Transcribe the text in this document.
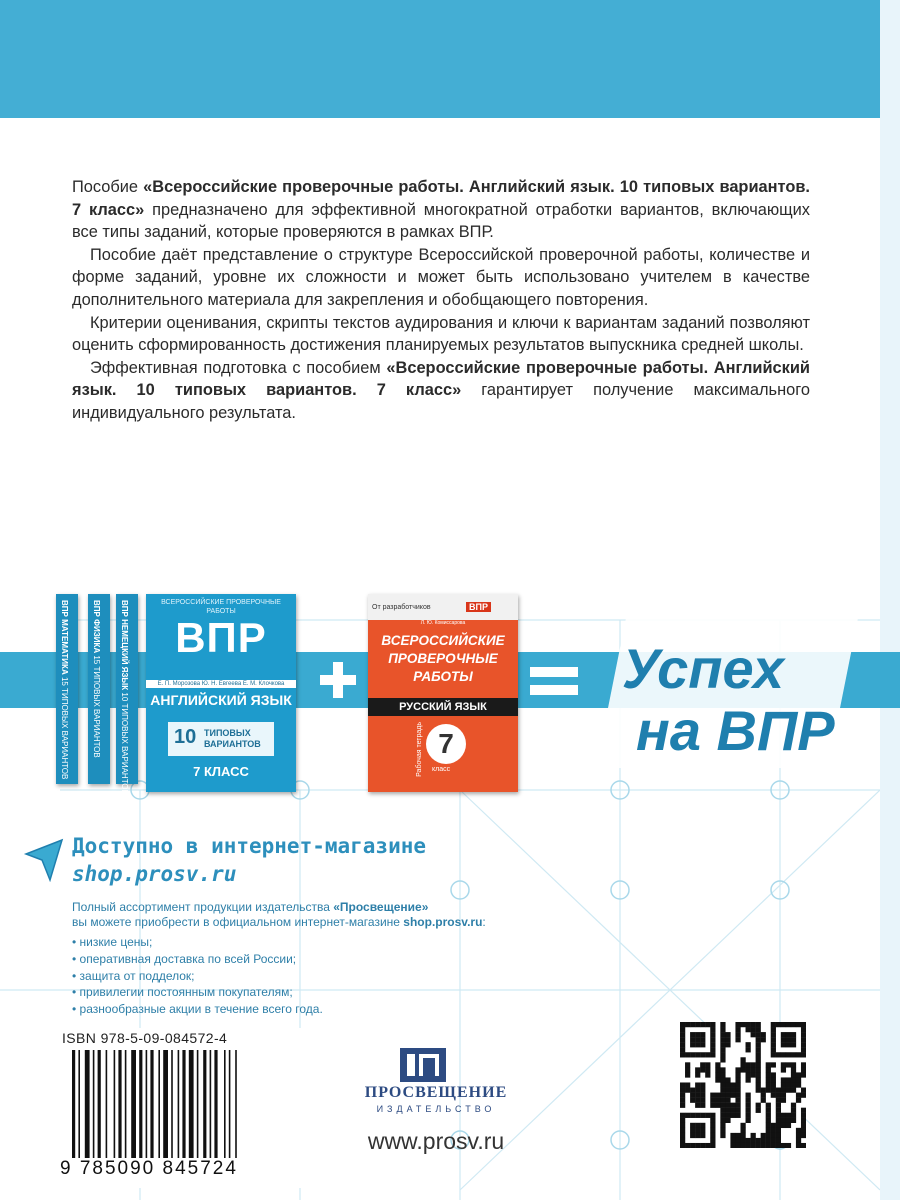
Пособие «Всероссийские проверочные работы. Английский язык. 10 типовых вариантов. 7 класс» предназначено для эффективной многократной отработки вариантов, включающих все типы заданий, которые проверяются в рамках ВПР.

Пособие даёт представление о структуре Всероссийской проверочной работы, количестве и форме заданий, уровне их сложности и может быть использовано учителем в качестве дополнительного материала для закрепления и обобщающего повторения.

Критерии оценивания, скрипты текстов аудирования и ключи к вариантам заданий позволяют оценить сформированность достижения планируемых результатов выпускника средней школы.

Эффективная подготовка с пособием «Всероссийские проверочные работы. Английский язык. 10 типовых вариантов. 7 класс» гарантирует получение максимального индивидуального результата.

ВПР МАТЕМАТИКА 15 ТИПОВЫХ ВАРИАНТОВ
ВПР ФИЗИКА 15 ТИПОВЫХ ВАРИАНТОВ
ВПР НЕМЕЦКИЙ ЯЗЫК 10 ТИПОВЫХ ВАРИАНТОВ
ВСЕРОССИЙСКИЕ ПРОВЕРОЧНЫЕ РАБОТЫ
ВПР
Е. П. Морозова Ю. Н. Евгеева Е. М. Клочкова
АНГЛИЙСКИЙ ЯЗЫК
10 ТИПОВЫХ ВАРИАНТОВ
7 КЛАСС
От разработчиков	ВПР
Л. Ю. Комиссарова
ВСЕРОССИЙСКИЕ ПРОВЕРОЧНЫЕ РАБОТЫ
РУССКИЙ ЯЗЫК
Рабочая тетрадь 7
класс
Успех
на ВПР
Доступно в интернет-магазине
shop.prosv.ru
Полный ассортимент продукции издательства «Просвещение»
вы можете приобрести в официальном интернет-магазине shop.prosv.ru:
• низкие цены;
• оперативная доставка по всей России;
• защита от подделок;
• привилегии постоянным покупателям;
• разнообразные акции в течение всего года.
ISBN 978-5-09-084572-4
9 785090 845724
ПРОСВЕЩЕНИЕ
ИЗДАТЕЛЬСТВО
www.prosv.ru
